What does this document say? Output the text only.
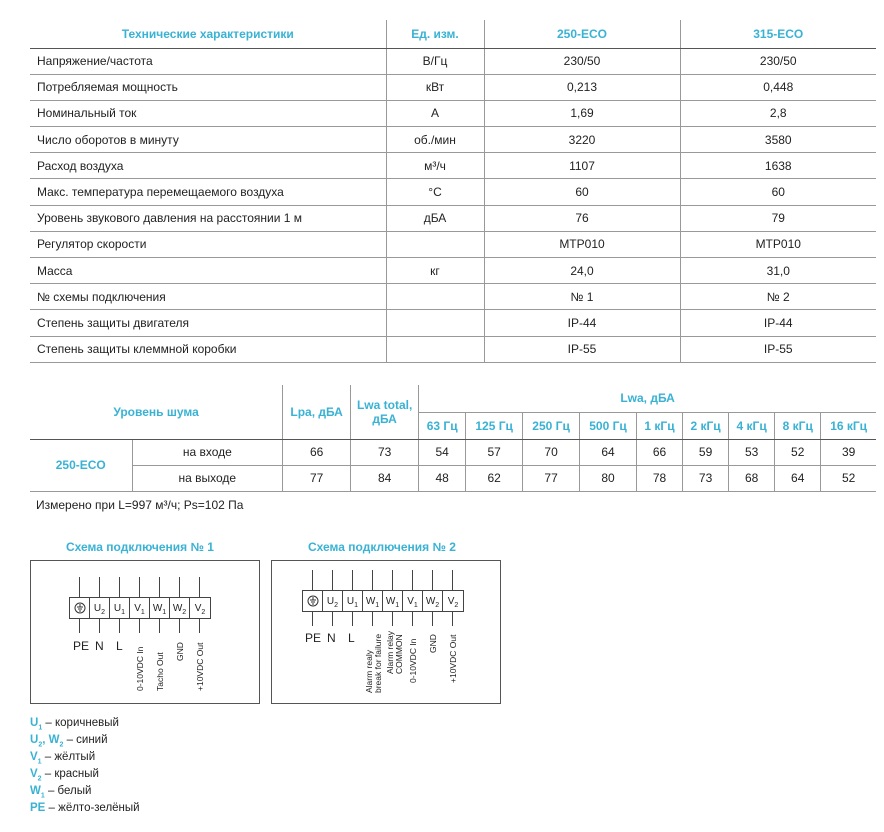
Технические характеристики	Ед. изм.	250-ECO	315-ECO
Напряжение/частота	В/Гц	230/50	230/50
Потребляемая мощность	кВт	0,213	0,448
Номинальный ток	А	1,69	2,8
Число оборотов в минуту	об./мин	3220	3580
Расход воздуха	м³/ч	1107	1638
Макс. температура перемещаемого воздуха	°С	60	60
Уровень звукового давления на расстоянии 1 м	дБА	76	79
Регулятор скорости		МТР010	МТР010
Масса	кг	24,0	31,0
№ схемы подключения		№ 1	№ 2
Степень защиты двигателя		IP-44	IP-44
Степень защиты клеммной коробки		IP-55	IP-55
Уровень шума		Lpa, дБА	Lwa total, дБА	Lwa, дБА								
				63 Гц	125 Гц	250 Гц	500 Гц	1 кГц	2 кГц	4 кГц	8 кГц	16 кГц
250-ECO	на входе	66	73	54	57	70	64	66	59	53	52	39
	на выходе	77	84	48	62	77	80	78	73	68	64	52
Измерено при L=997 м³/ч; Ps=102 Па
Схема подключения № 1
$U_2$ $U_1$ $V_1$ $W_1$ $W_2$ $V_2$
PE N L
0-10VDC In Tacho Out
GND +10VDC Out
Схема подключения № 2
$U_2$ $U_1$ $W_1$ $W_1$ $V_1$ $W_2$ $V_2$
PE N L
Alarm realy break for failure Alarm relay COMMON 0-10VDC In GND +10VDC Out
$U_1$ – коричневый
$U_2$, $W_2$ – синий
$V_1$ – жёлтый
$V_2$ – красный
$W_1$ – белый
PE – жёлто-зелёный
